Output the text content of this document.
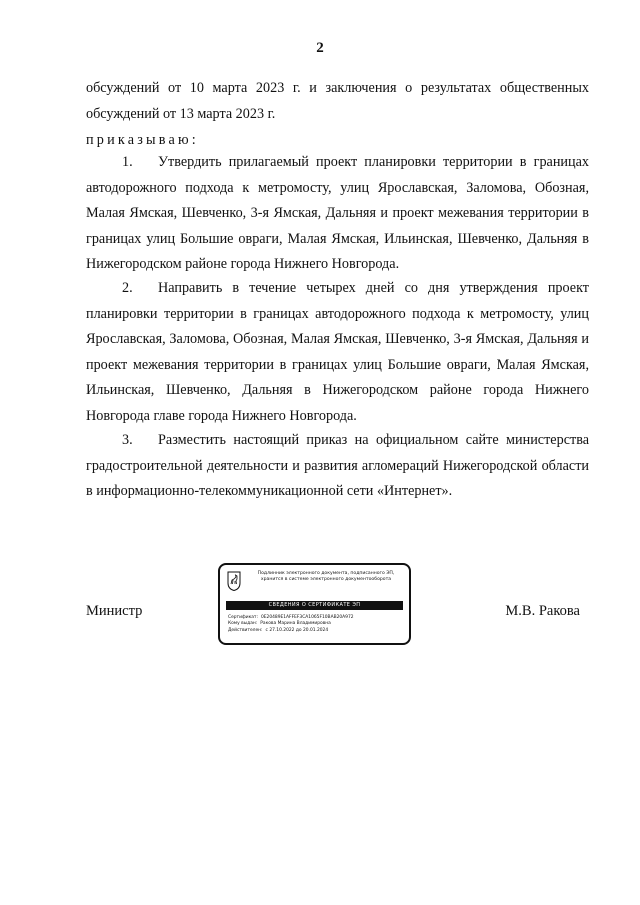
2
обсуждений от 10 марта 2023 г. и заключения о результатах общественных обсуждений от 13 марта 2023 г.
приказываю:
1. Утвердить прилагаемый проект планировки территории в границах автодорожного подхода к метромосту, улиц Ярославская, Заломова, Обозная, Малая Ямская, Шевченко, 3-я Ямская, Дальняя и проект межевания территории в границах улиц Большие овраги, Малая Ямская, Ильинская, Шевченко, Дальняя в Нижегородском районе города Нижнего Новгорода.
2. Направить в течение четырех дней со дня утверждения проект планировки территории в границах автодорожного подхода к метромосту, улиц Ярославская, Заломова, Обозная, Малая Ямская, Шевченко, 3-я Ямская, Дальняя и проект межевания территории в границах улиц Большие овраги, Малая Ямская, Ильинская, Шевченко, Дальняя в Нижегородском районе города Нижнего Новгорода главе города Нижнего Новгорода.
3. Разместить настоящий приказ на официальном сайте министерства градостроительной деятельности и развития агломераций Нижегородской области в информационно-телекоммуникационной сети «Интернет».
Министр
Подлинник электронного документа, подписанного ЭП, хранится в системе электронного документооборота
СВЕДЕНИЯ О СЕРТИФИКАТЕ ЭП
Сертификат: 0E20489E1AFFEF3CA1065F10BAB20A972
Кому выдан: Ракова Марина Владимировна
Действителен: с 27.10.2022 до 20.01.2024
М.В. Ракова
